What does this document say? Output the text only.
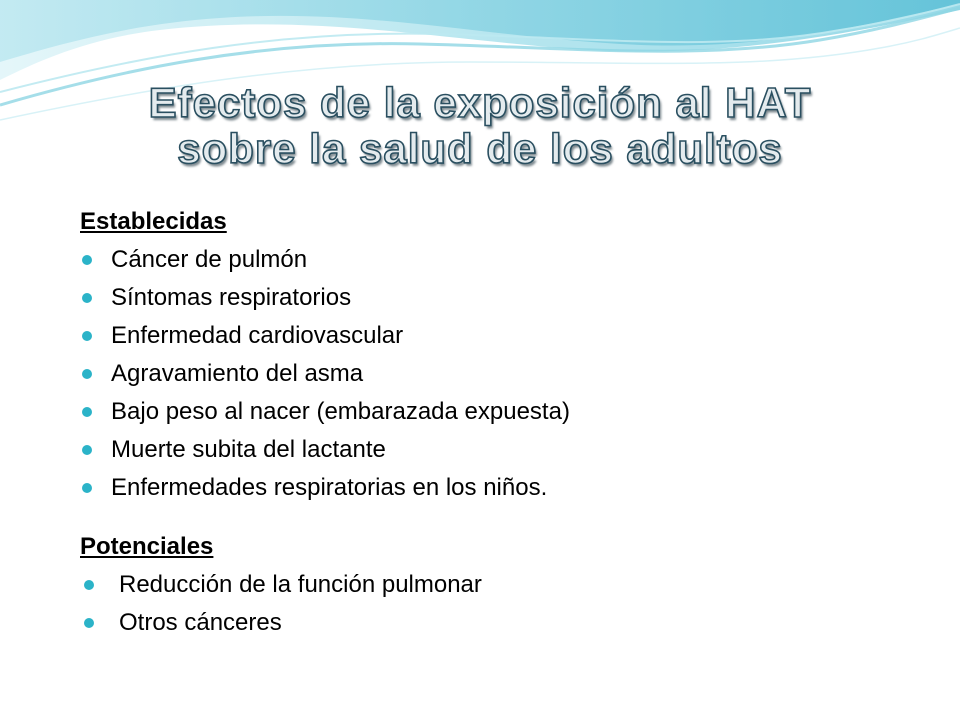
Efectos de la exposición al HAT
sobre la salud de los adultos
Establecidas
Cáncer de pulmón
Síntomas respiratorios
Enfermedad cardiovascular
Agravamiento del asma
Bajo peso al nacer (embarazada expuesta)
Muerte subita del lactante
Enfermedades respiratorias en los niños.
Potenciales
Reducción de la función pulmonar
Otros cánceres
